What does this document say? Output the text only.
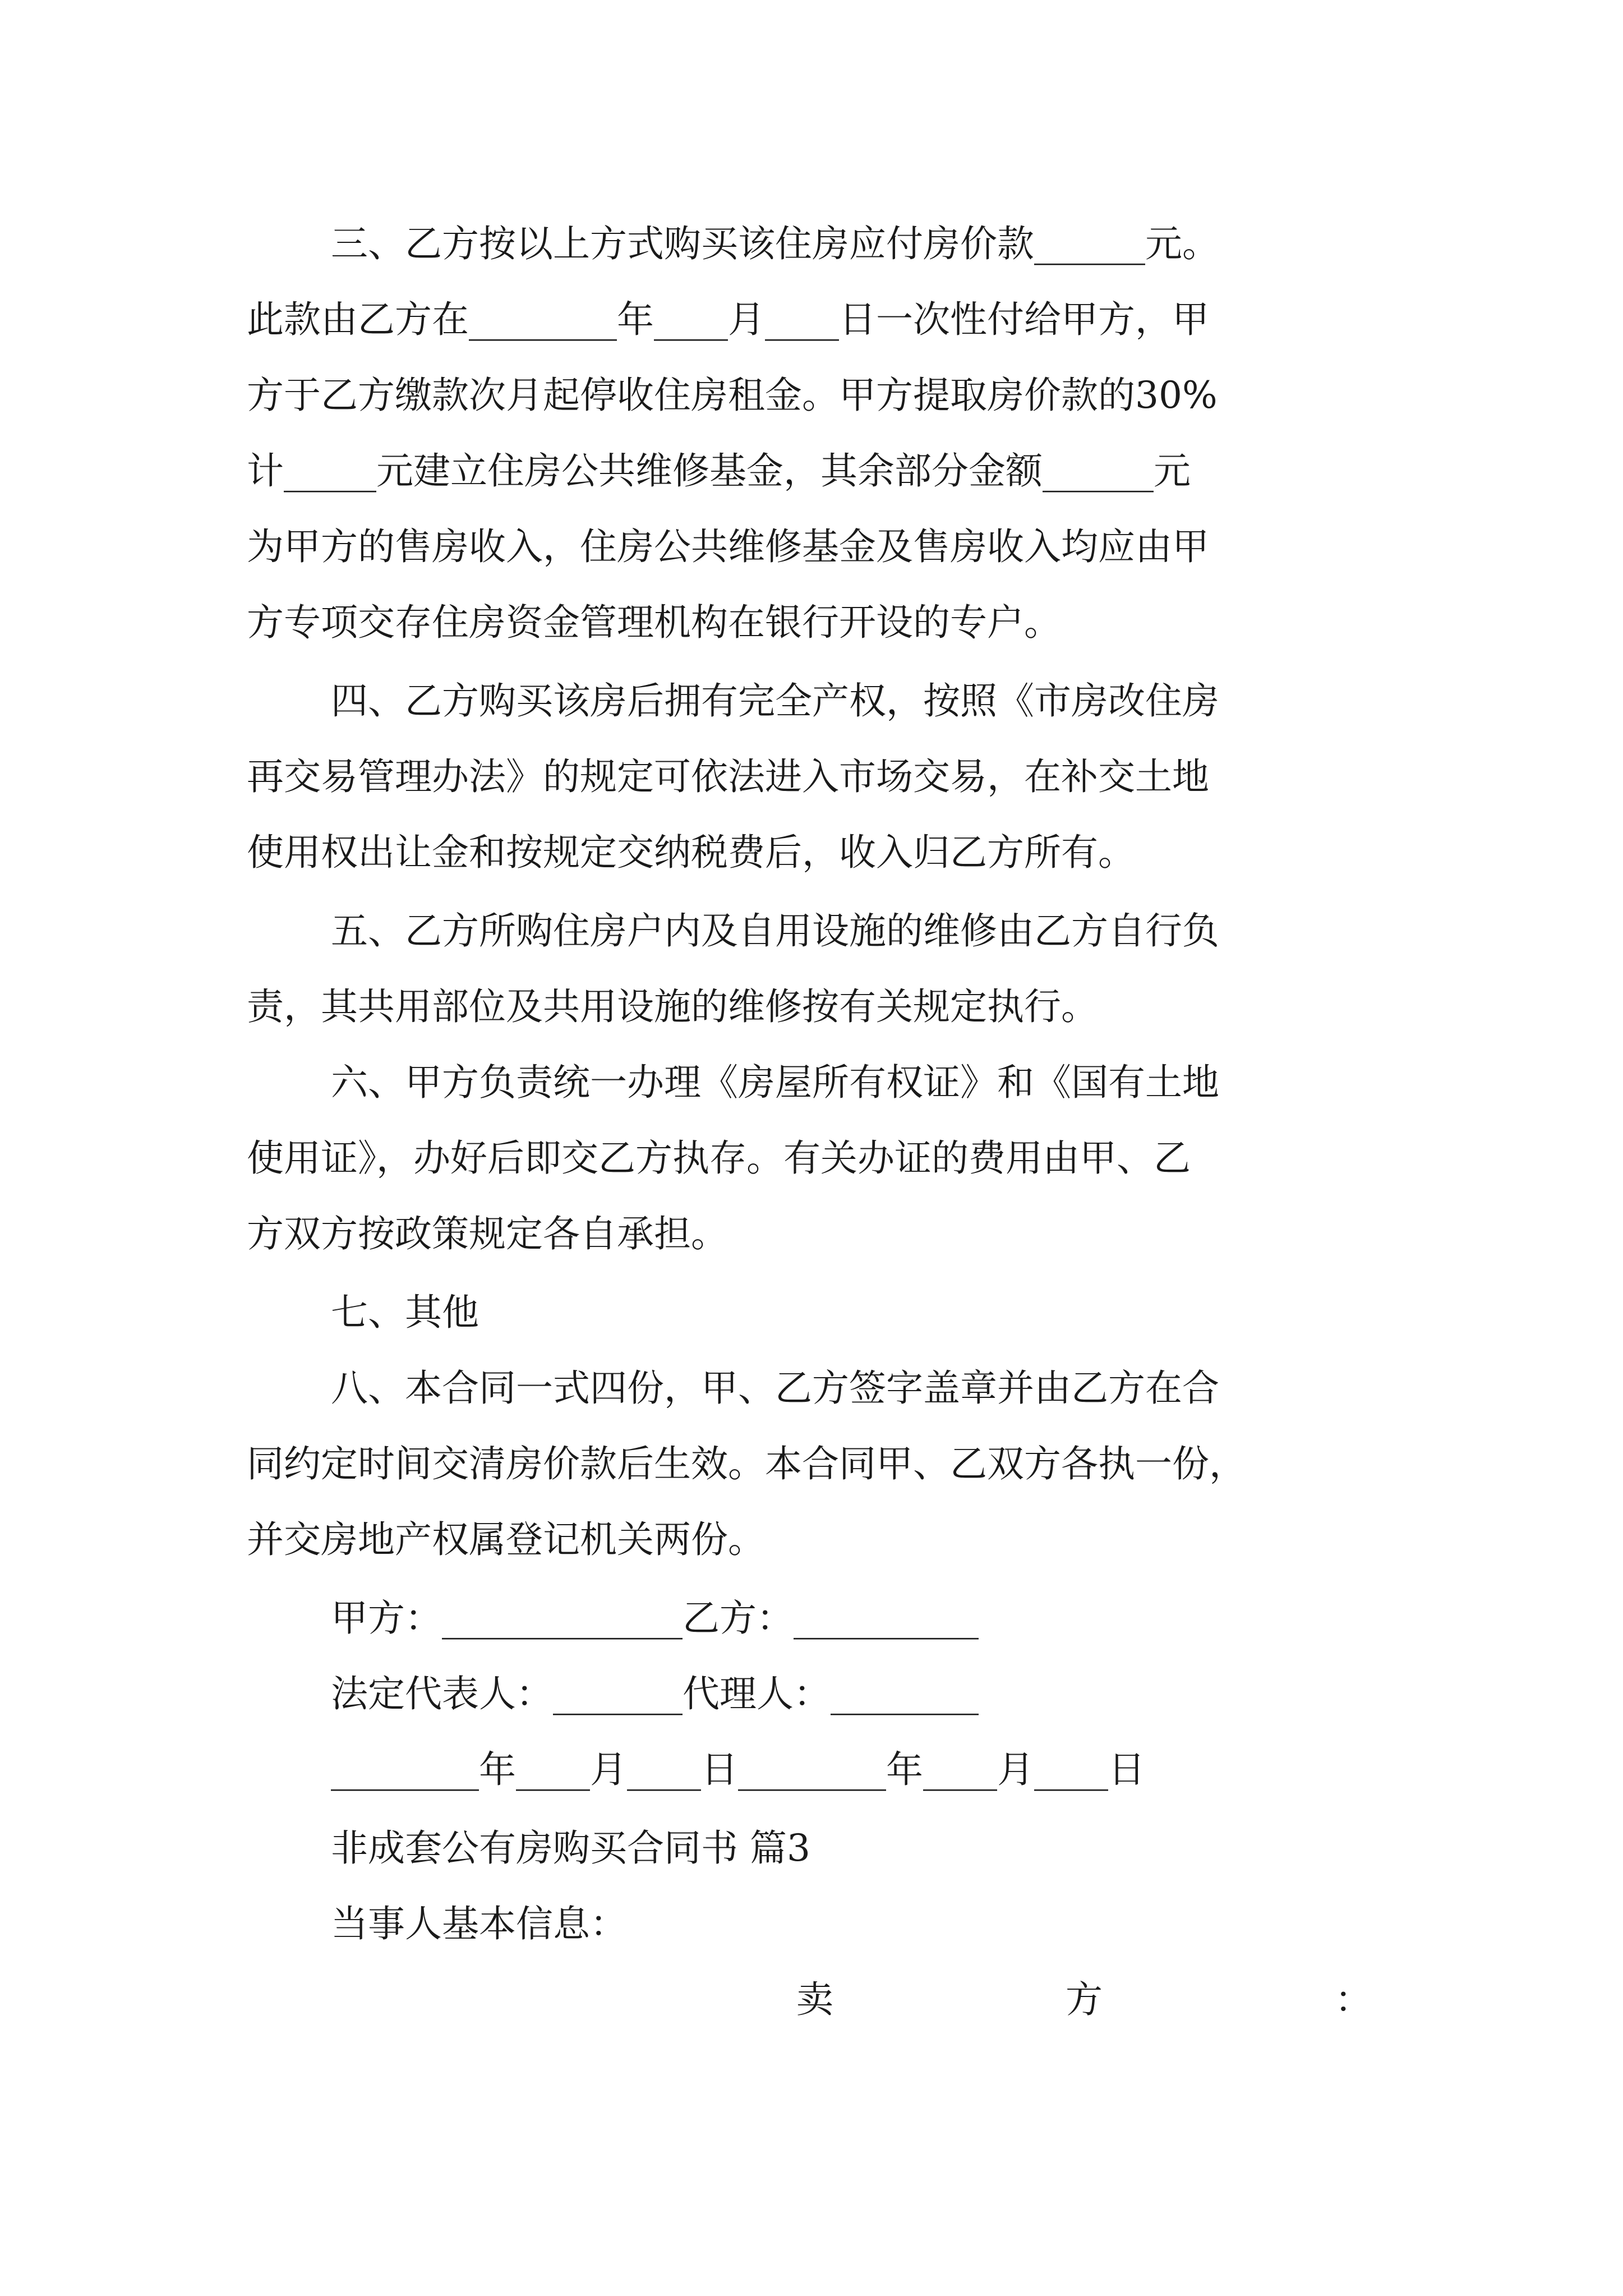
三、乙方按以上方式购买该住房应付房价款______元。
此款由乙方在________年____月____日一次性付给甲方，甲
方于乙方缴款次月起停收住房租金。甲方提取房价款的30%
计_____元建立住房公共维修基金，其余部分金额______元
为甲方的售房收入，住房公共维修基金及售房收入均应由甲
方专项交存住房资金管理机构在银行开设的专户。
四、乙方购买该房后拥有完全产权，按照《市房改住房
再交易管理办法》的规定可依法进入市场交易，在补交土地
使用权出让金和按规定交纳税费后，收入归乙方所有。
五、乙方所购住房户内及自用设施的维修由乙方自行负
责，其共用部位及共用设施的维修按有关规定执行。
六、甲方负责统一办理《房屋所有权证》和《国有土地
使用证》，办好后即交乙方执存。有关办证的费用由甲、乙
方双方按政策规定各自承担。
七、其他
八、本合同一式四份，甲、乙方签字盖章并由乙方在合
同约定时间交清房价款后生效。本合同甲、乙双方各执一份，
并交房地产权属登记机关两份。
甲方：_____________乙方：__________
法定代表人：_______代理人：________
________年____月____日________年____月____日
非成套公有房购买合同书 篇3
当事人基本信息：
卖	方	：
